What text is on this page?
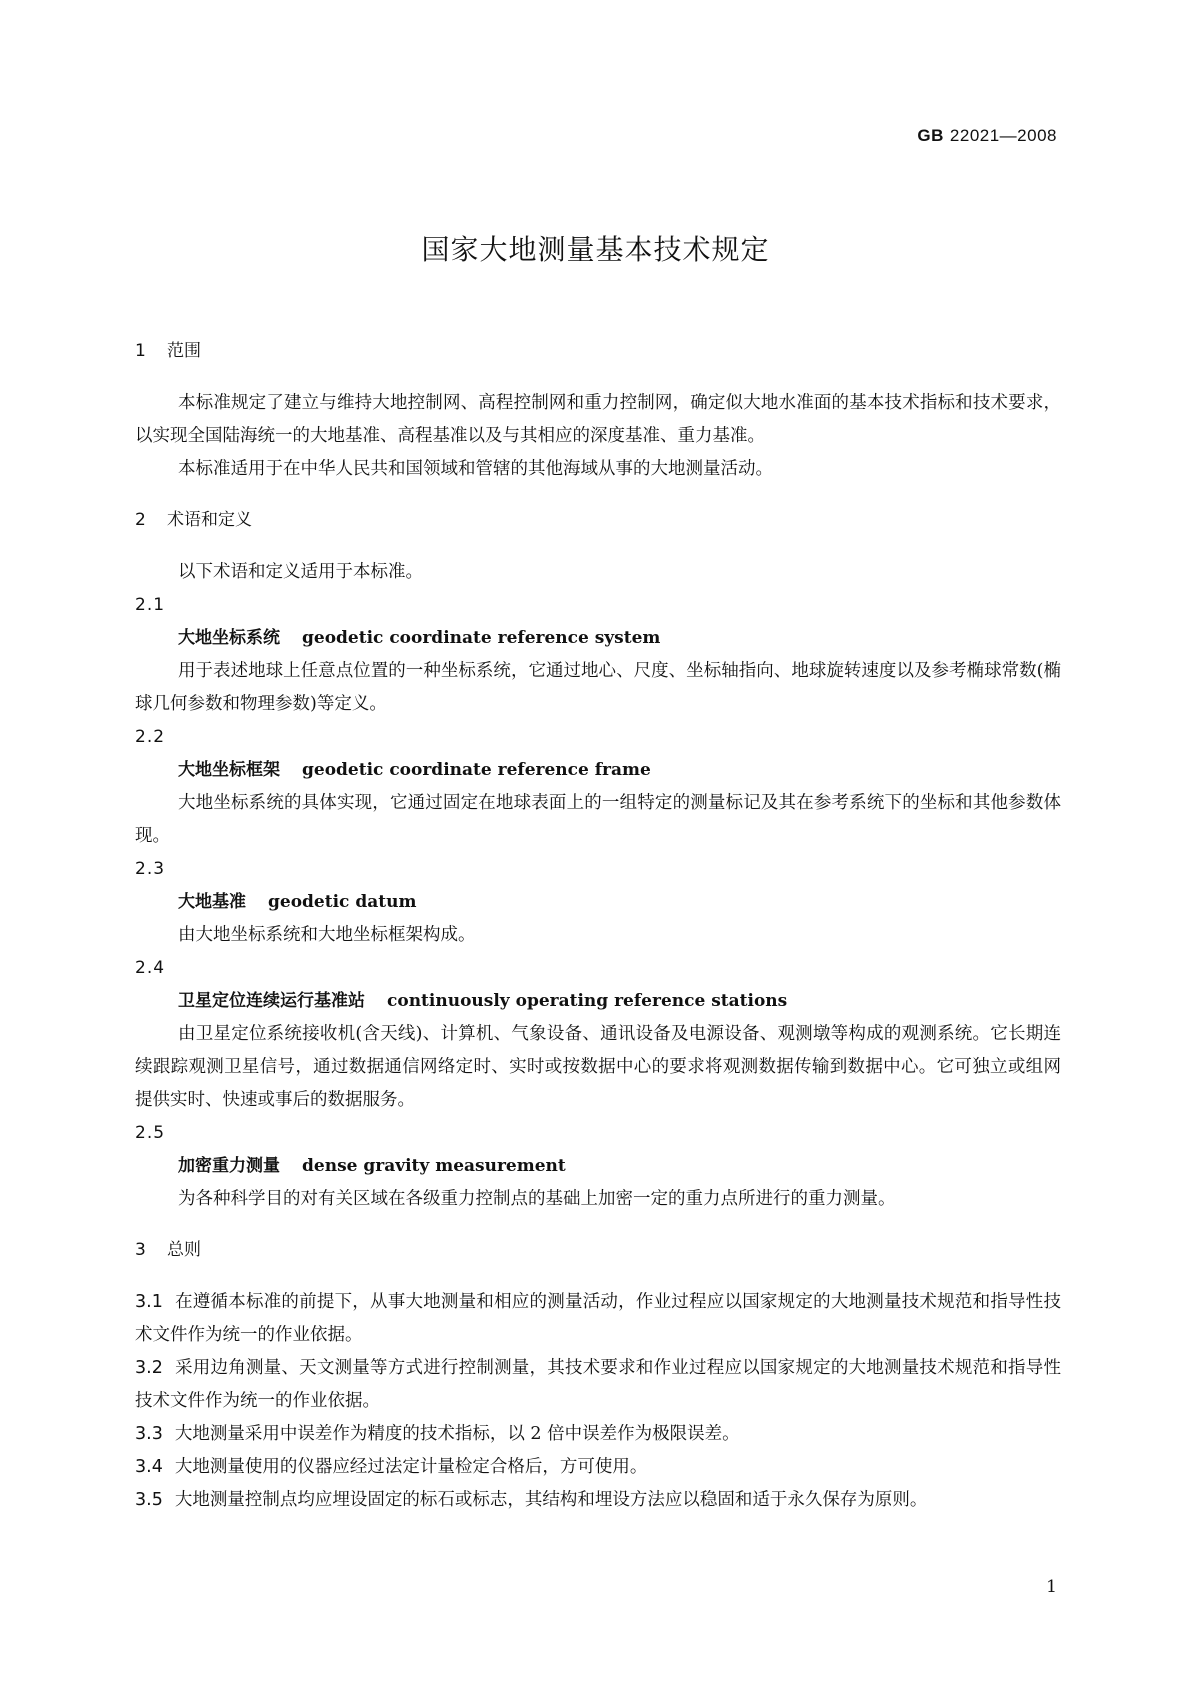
GB 22021—2008
国家大地测量基本技术规定
1 范围

本标准规定了建立与维持大地控制网、高程控制网和重力控制网，确定似大地水准面的基本技术指标和技术要求，以实现全国陆海统一的大地基准、高程基准以及与其相应的深度基准、重力基准。

本标准适用于在中华人民共和国领域和管辖的其他海域从事的大地测量活动。

2 术语和定义

以下术语和定义适用于本标准。

2.1

大地坐标系统 geodetic coordinate reference system

用于表述地球上任意点位置的一种坐标系统，它通过地心、尺度、坐标轴指向、地球旋转速度以及参考椭球常数(椭球几何参数和物理参数)等定义。

2.2

大地坐标框架 geodetic coordinate reference frame

大地坐标系统的具体实现，它通过固定在地球表面上的一组特定的测量标记及其在参考系统下的坐标和其他参数体现。

2.3

大地基准 geodetic datum

由大地坐标系统和大地坐标框架构成。

2.4

卫星定位连续运行基准站 continuously operating reference stations

由卫星定位系统接收机(含天线)、计算机、气象设备、通讯设备及电源设备、观测墩等构成的观测系统。它长期连续跟踪观测卫星信号，通过数据通信网络定时、实时或按数据中心的要求将观测数据传输到数据中心。它可独立或组网提供实时、快速或事后的数据服务。

2.5

加密重力测量 dense gravity measurement

为各种科学目的对有关区域在各级重力控制点的基础上加密一定的重力点所进行的重力测量。

3 总则

3.1 在遵循本标准的前提下，从事大地测量和相应的测量活动，作业过程应以国家规定的大地测量技术规范和指导性技术文件作为统一的作业依据。

3.2 采用边角测量、天文测量等方式进行控制测量，其技术要求和作业过程应以国家规定的大地测量技术规范和指导性技术文件作为统一的作业依据。

3.3 大地测量采用中误差作为精度的技术指标，以 2 倍中误差作为极限误差。

3.4 大地测量使用的仪器应经过法定计量检定合格后，方可使用。

3.5 大地测量控制点均应埋设固定的标石或标志，其结构和埋设方法应以稳固和适于永久保存为原则。

1
